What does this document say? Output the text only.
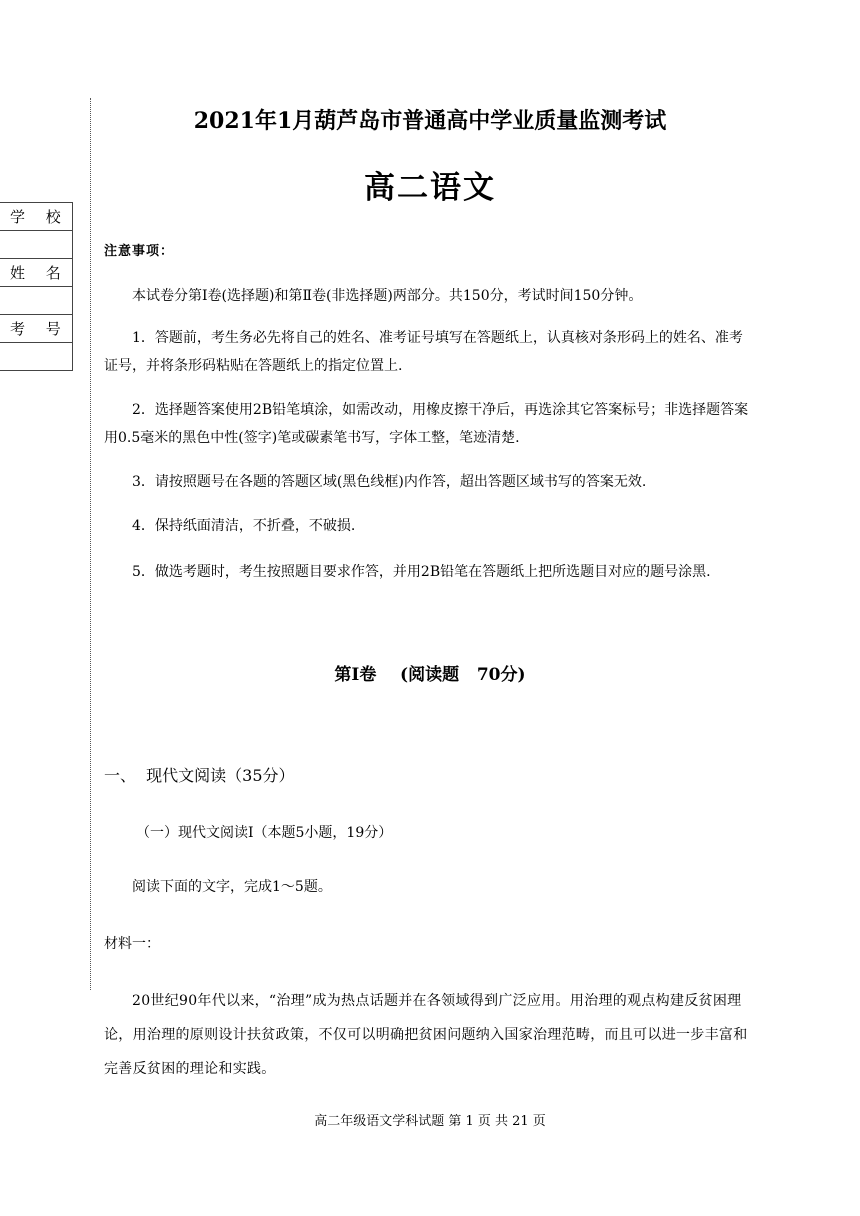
学 校

姓 名

考 号

2021年1月葫芦岛市普通高中学业质量监测考试
高二语文
注意事项：

本试卷分第Ⅰ卷(选择题)和第Ⅱ卷(非选择题)两部分。共150分，考试时间150分钟。

1．答题前，考生务必先将自己的姓名、准考证号填写在答题纸上，认真核对条形码上的姓名、准考证号，并将条形码粘贴在答题纸上的指定位置上.

2．选择题答案使用2B铅笔填涂，如需改动，用橡皮擦干净后，再选涂其它答案标号；非选择题答案用0.5毫米的黑色中性(签字)笔或碳素笔书写，字体工整，笔迹清楚.

3．请按照题号在各题的答题区域(黑色线框)内作答，超出答题区域书写的答案无效.

4．保持纸面清洁，不折叠，不破损.

5．做选考题时，考生按照题目要求作答，并用2B铅笔在答题纸上把所选题目对应的题号涂黑.

第Ⅰ卷    (阅读题   70分)
一、  现代文阅读（35分）
（一）现代文阅读Ⅰ（本题5小题，19分）
阅读下面的文字，完成1～5题。
材料一：

20世纪90年代以来，“治理”成为热点话题并在各领域得到广泛应用。用治理的观点构建反贫困理论，用治理的原则设计扶贫政策，不仅可以明确把贫困问题纳入国家治理范畴，而且可以进一步丰富和完善反贫困的理论和实践。

高二年级语文学科试题 第 1 页 共 21 页
